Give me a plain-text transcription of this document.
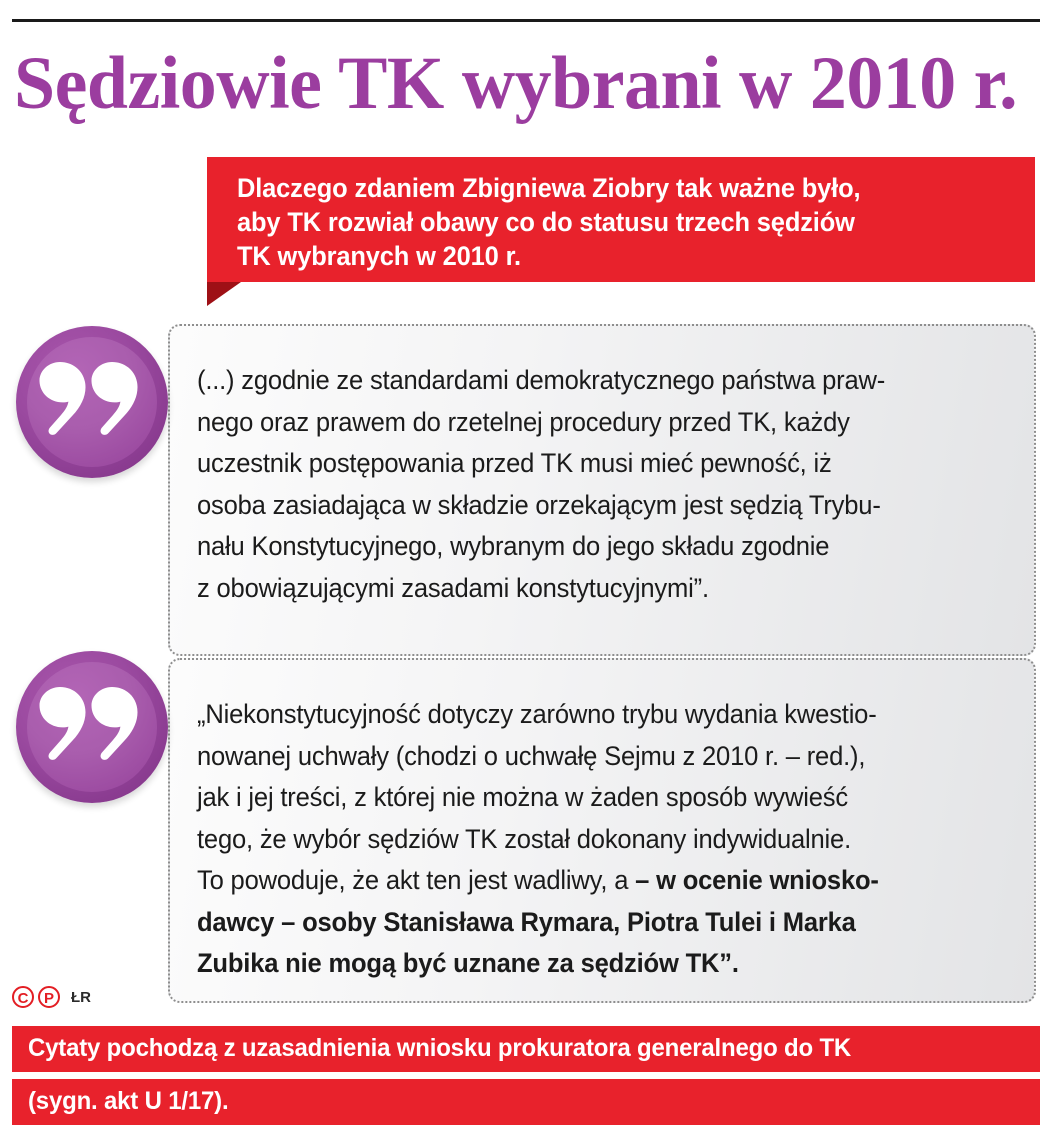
Sędziowie TK wybrani w 2010 r.
Dlaczego zdaniem Zbigniewa Ziobry tak ważne było,
aby TK rozwiał obawy co do statusu trzech sędziów
TK wybranych w 2010 r.
(...) zgodnie ze standardami demokratycznego państwa praw-
nego oraz prawem do rzetelnej procedury przed TK, każdy
uczestnik postępowania przed TK musi mieć pewność, iż
osoba zasiadająca w składzie orzekającym jest sędzią Trybu-
nału Konstytucyjnego, wybranym do jego składu zgodnie
z obowiązującymi zasadami konstytucyjnymi”.
„Niekonstytucyjność dotyczy zarówno trybu wydania kwestio-
nowanej uchwały (chodzi o uchwałę Sejmu z 2010 r. – red.),
jak i jej treści, z której nie można w żaden sposób wywieść
tego, że wybór sędziów TK został dokonany indywidualnie.
To powoduje, że akt ten jest wadliwy, a – w ocenie wniosko-
dawcy – osoby Stanisława Rymara, Piotra Tulei i Marka
Zubika nie mogą być uznane za sędziów TK”.
C	P	ŁR
Cytaty pochodzą z uzasadnienia wniosku prokuratora generalnego do TK
(sygn. akt U 1/17).
